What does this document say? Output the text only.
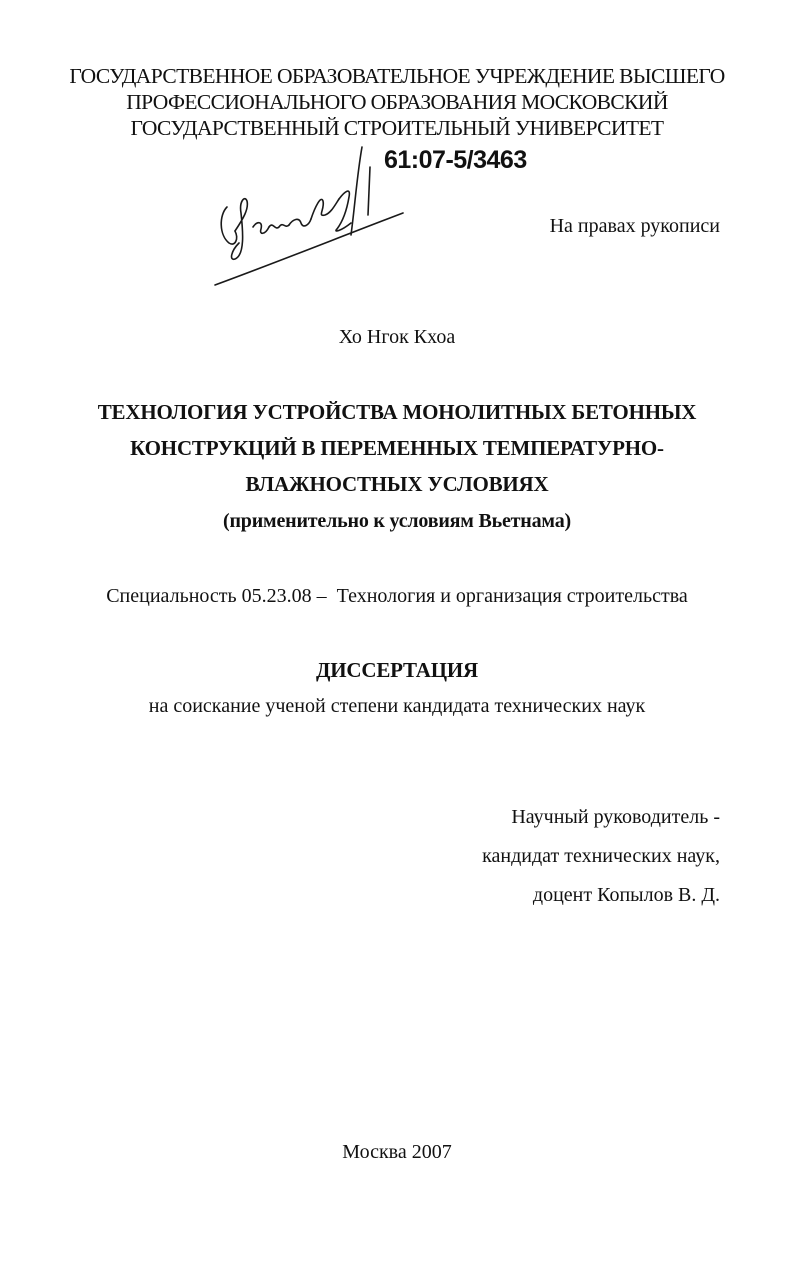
ГОСУДАРСТВЕННОЕ ОБРАЗОВАТЕЛЬНОЕ УЧРЕЖДЕНИЕ ВЫСШЕГО
ПРОФЕССИОНАЛЬНОГО ОБРАЗОВАНИЯ МОСКОВСКИЙ
ГОСУДАРСТВЕННЫЙ СТРОИТЕЛЬНЫЙ УНИВЕРСИТЕТ
61:07-5/3463
На правах рукописи
Хо Нгок Кхоа
ТЕХНОЛОГИЯ УСТРОЙСТВА МОНОЛИТНЫХ БЕТОННЫХ
КОНСТРУКЦИЙ В ПЕРЕМЕННЫХ ТЕМПЕРАТУРНО-
ВЛАЖНОСТНЫХ УСЛОВИЯХ
(применительно к условиям Вьетнама)
Специальность 05.23.08 –  Технология и организация строительства
ДИССЕРТАЦИЯ
на соискание ученой степени кандидата технических наук
Научный руководитель -
кандидат технических наук,
доцент Копылов В. Д.
Москва 2007
